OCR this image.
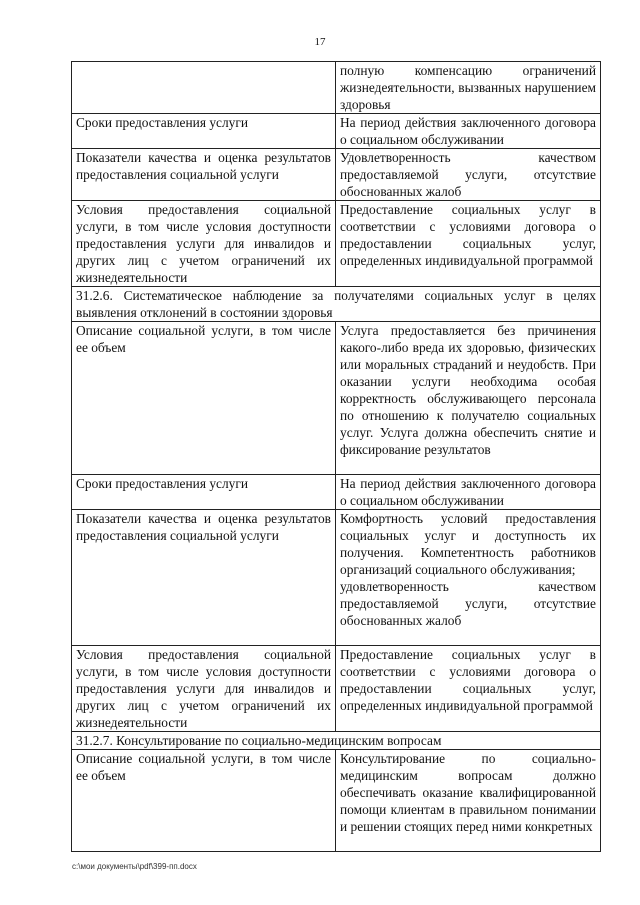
17
	полную компенсацию ограничений жизнедеятельности, вызванных нарушением здоровья
Сроки предоставления услуги	На период действия заключенного договора о социальном обслуживании
Показатели качества и оценка результатов предоставления социальной услуги	Удовлетворенность качеством предоставляемой услуги, отсутствие обоснованных жалоб
Условия предоставления социальной услуги, в том числе условия доступности предоставления услуги для инвалидов и других лиц с учетом ограничений их жизнедеятельности	Предоставление социальных услуг в соответствии с условиями договора о предоставлении социальных услуг, определенных индивидуальной программой
31.2.6. Систематическое наблюдение за получателями социальных услуг в целях выявления отклонений в состоянии здоровья	
Описание социальной услуги, в том числе ее объем	Услуга предоставляется без причинения какого-либо вреда их здоровью, физических или моральных страданий и неудобств. При оказании услуги необходима особая корректность обслуживающего персонала по отношению к получателю социальных услуг. Услуга должна обеспечить снятие и фиксирование результатов
Сроки предоставления услуги	На период действия заключенного договора о социальном обслуживании
Показатели качества и оценка результатов предоставления социальной услуги	Комфортность условий предоставления социальных услуг и доступность их получения. Компетентность работников организаций социального обслуживания;
удовлетворенность качеством предоставляемой услуги, отсутствие обоснованных жалоб
Условия предоставления социальной услуги, в том числе условия доступности предоставления услуги для инвалидов и других лиц с учетом ограничений их жизнедеятельности	Предоставление социальных услуг в соответствии с условиями договора о предоставлении социальных услуг, определенных индивидуальной программой
31.2.7. Консультирование по социально-медицинским вопросам	
Описание социальной услуги, в том числе ее объем	Консультирование по социально-медицинским вопросам должно обеспечивать оказание квалифицированной помощи клиентам в правильном понимании и решении стоящих перед ними конкретных
c:\мои документы\pdf\399-пп.docx
